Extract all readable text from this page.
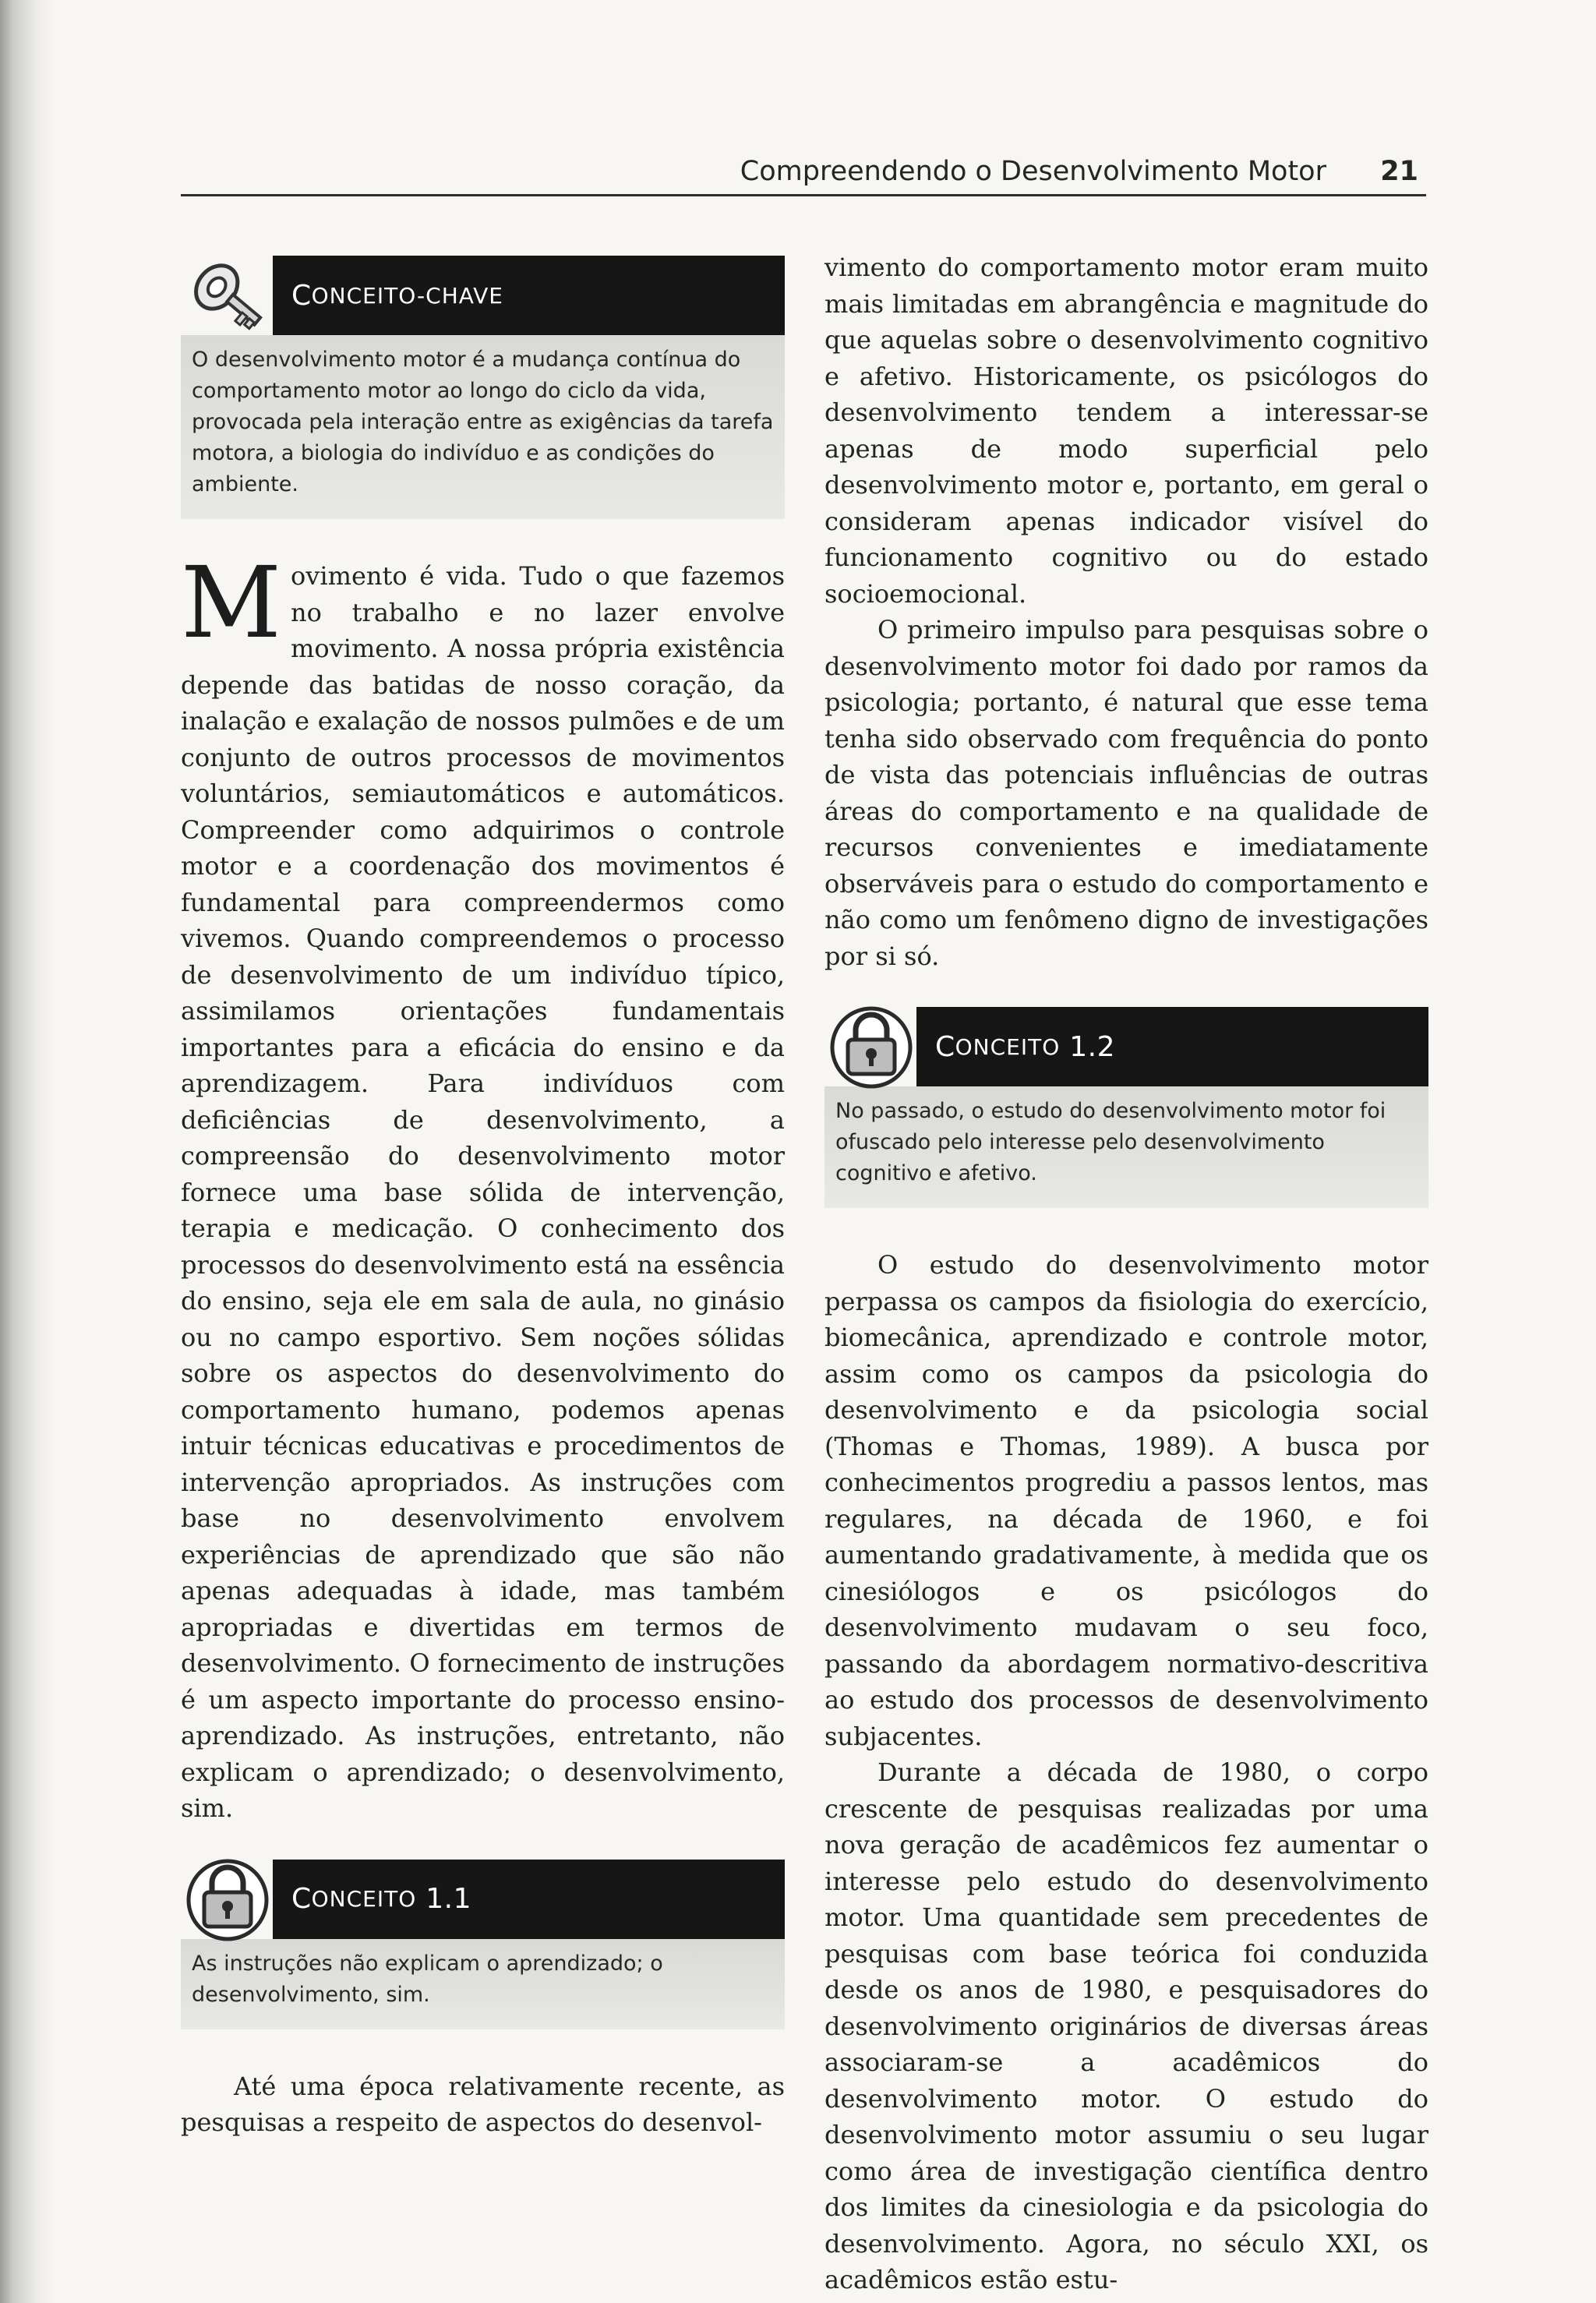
Compreendendo o Desenvolvimento Motor 21
C ONCEITO-CHAVE
O desenvolvimento motor é a mudança contínua do comportamento motor ao longo do ciclo da vida, provocada pela interação entre as exigências da tarefa motora, a biologia do indivíduo e as condições do ambiente.

Movimento é vida. Tudo o que fazemos no trabalho e no lazer envolve movimento. A nossa própria existência depende das batidas de nosso coração, da inalação e exalação de nossos pulmões e de um conjunto de outros processos de movimentos voluntários, semiautomáticos e automáticos. Compreender como adquirimos o controle motor e a coordenação dos movimentos é fundamental para compreendermos como vivemos. Quando compreendemos o processo de desenvolvimento de um indivíduo típico, assimilamos orientações fundamentais importantes para a eficácia do ensino e da aprendizagem. Para indivíduos com deficiências de desenvolvimento, a compreensão do desenvolvimento motor fornece uma base sólida de intervenção, terapia e medicação. O conhecimento dos processos do desenvolvimento está na essência do ensino, seja ele em sala de aula, no ginásio ou no campo esportivo. Sem noções sólidas sobre os aspectos do desenvolvimento do comportamento humano, podemos apenas intuir técnicas educativas e procedimentos de intervenção apropriados. As instruções com base no desenvolvimento envolvem experiências de aprendizado que são não apenas adequadas à idade, mas também apropriadas e divertidas em termos de desenvolvimento. O fornecimento de instruções é um aspecto importante do processo ensino-aprendizado. As instruções, entretanto, não explicam o aprendizado; o desenvolvimento, sim.

C ONCEITO
1.1
As instruções não explicam o aprendizado; o desenvolvimento, sim.

Até uma época relativamente recente, as pesquisas a respeito de aspectos do desenvol-

vimento do comportamento motor eram muito mais limitadas em abrangência e magnitude do que aquelas sobre o desenvolvimento cognitivo e afetivo. Historicamente, os psicólogos do desenvolvimento tendem a interessar-se apenas de modo superficial pelo desenvolvimento motor e, portanto, em geral o consideram apenas indicador visível do funcionamento cognitivo ou do estado socioemocional.

O primeiro impulso para pesquisas sobre o desenvolvimento motor foi dado por ramos da psicologia; portanto, é natural que esse tema tenha sido observado com frequência do ponto de vista das potenciais influências de outras áreas do comportamento e na qualidade de recursos convenientes e imediatamente observáveis para o estudo do comportamento e não como um fenômeno digno de investigações por si só.

C ONCEITO
1.2
No passado, o estudo do desenvolvimento motor foi ofuscado pelo interesse pelo desenvolvimento cognitivo e afetivo.

O estudo do desenvolvimento motor perpassa os campos da fisiologia do exercício, biomecânica, aprendizado e controle motor, assim como os campos da psicologia do desenvolvimento e da psicologia social (Thomas e Thomas, 1989). A busca por conhecimentos progrediu a passos lentos, mas regulares, na década de 1960, e foi aumentando gradativamente, à medida que os cinesiólogos e os psicólogos do desenvolvimento mudavam o seu foco, passando da abordagem normativo-descritiva ao estudo dos processos de desenvolvimento subjacentes.

Durante a década de 1980, o corpo crescente de pesquisas realizadas por uma nova geração de acadêmicos fez aumentar o interesse pelo estudo do desenvolvimento motor. Uma quantidade sem precedentes de pesquisas com base teórica foi conduzida desde os anos de 1980, e pesquisadores do desenvolvimento originários de diversas áreas associaram-se a acadêmicos do desenvolvimento motor. O estudo do desenvolvimento motor assumiu o seu lugar como área de investigação científica dentro dos limites da cinesiologia e da psicologia do desenvolvimento. Agora, no século XXI, os acadêmicos estão estu-
